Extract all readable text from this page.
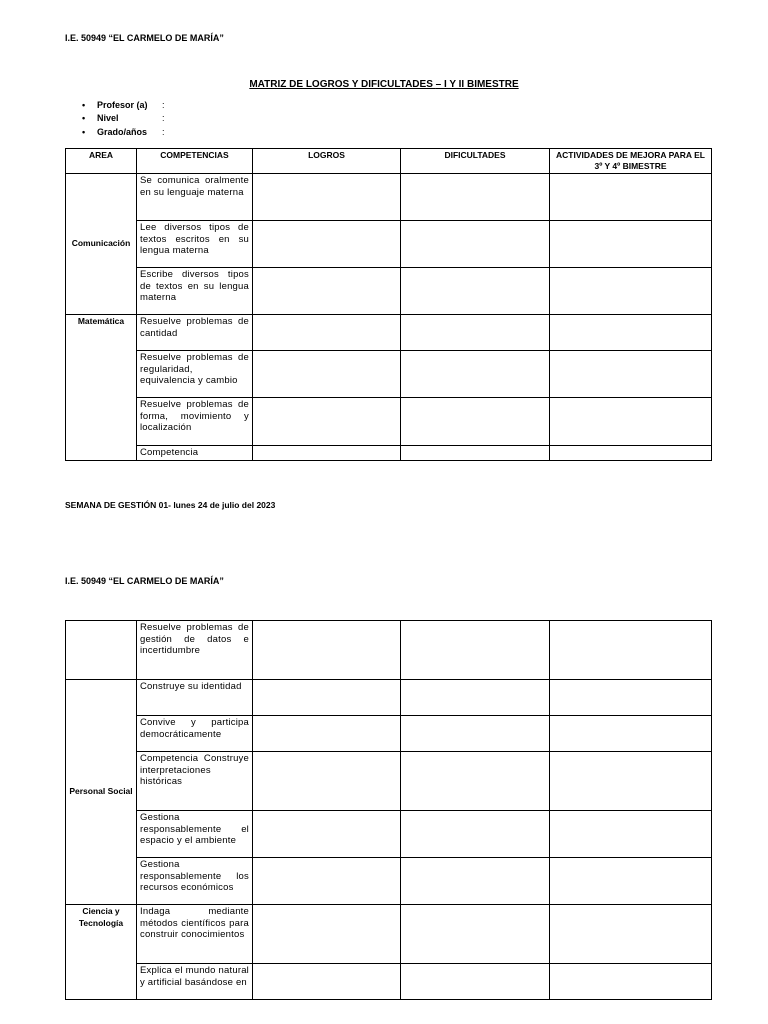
I.E. 50949 “EL CARMELO DE MARÍA”
MATRIZ DE LOGROS Y DIFICULTADES – I Y II BIMESTRE
•	Profesor (a)	:
•	Nivel	:
•	Grado/años	:
AREA	COMPETENCIAS	LOGROS	DIFICULTADES	ACTIVIDADES DE MEJORA PARA EL
3º Y 4º BIMESTRE
Comunicación	Se comunica oralmente en su lenguaje materna			
	Lee diversos tipos de textos escritos en su lengua materna			
	Escribe diversos tipos de textos en su lengua materna			
Matemática	Resuelve problemas de cantidad			
	Resuelve problemas de regularidad, equivalencia y cambio			
	Resuelve problemas de forma, movimiento y localización			
	Competencia			
SEMANA DE GESTIÓN 01- lunes 24 de julio del 2023
I.E. 50949 “EL CARMELO DE MARÍA”
	Resuelve problemas de gestión de datos e incertidumbre			
Personal Social	Construye su identidad			
	Convive y participa democráticamente			
	Competencia Construye interpretaciones históricas			
	Gestiona responsablemente el espacio y el ambiente			
	Gestiona responsablemente los recursos económicos			
Ciencia y Tecnología	Indaga mediante métodos científicos para construir conocimientos			
	Explica el mundo natural y artificial basándose en			
